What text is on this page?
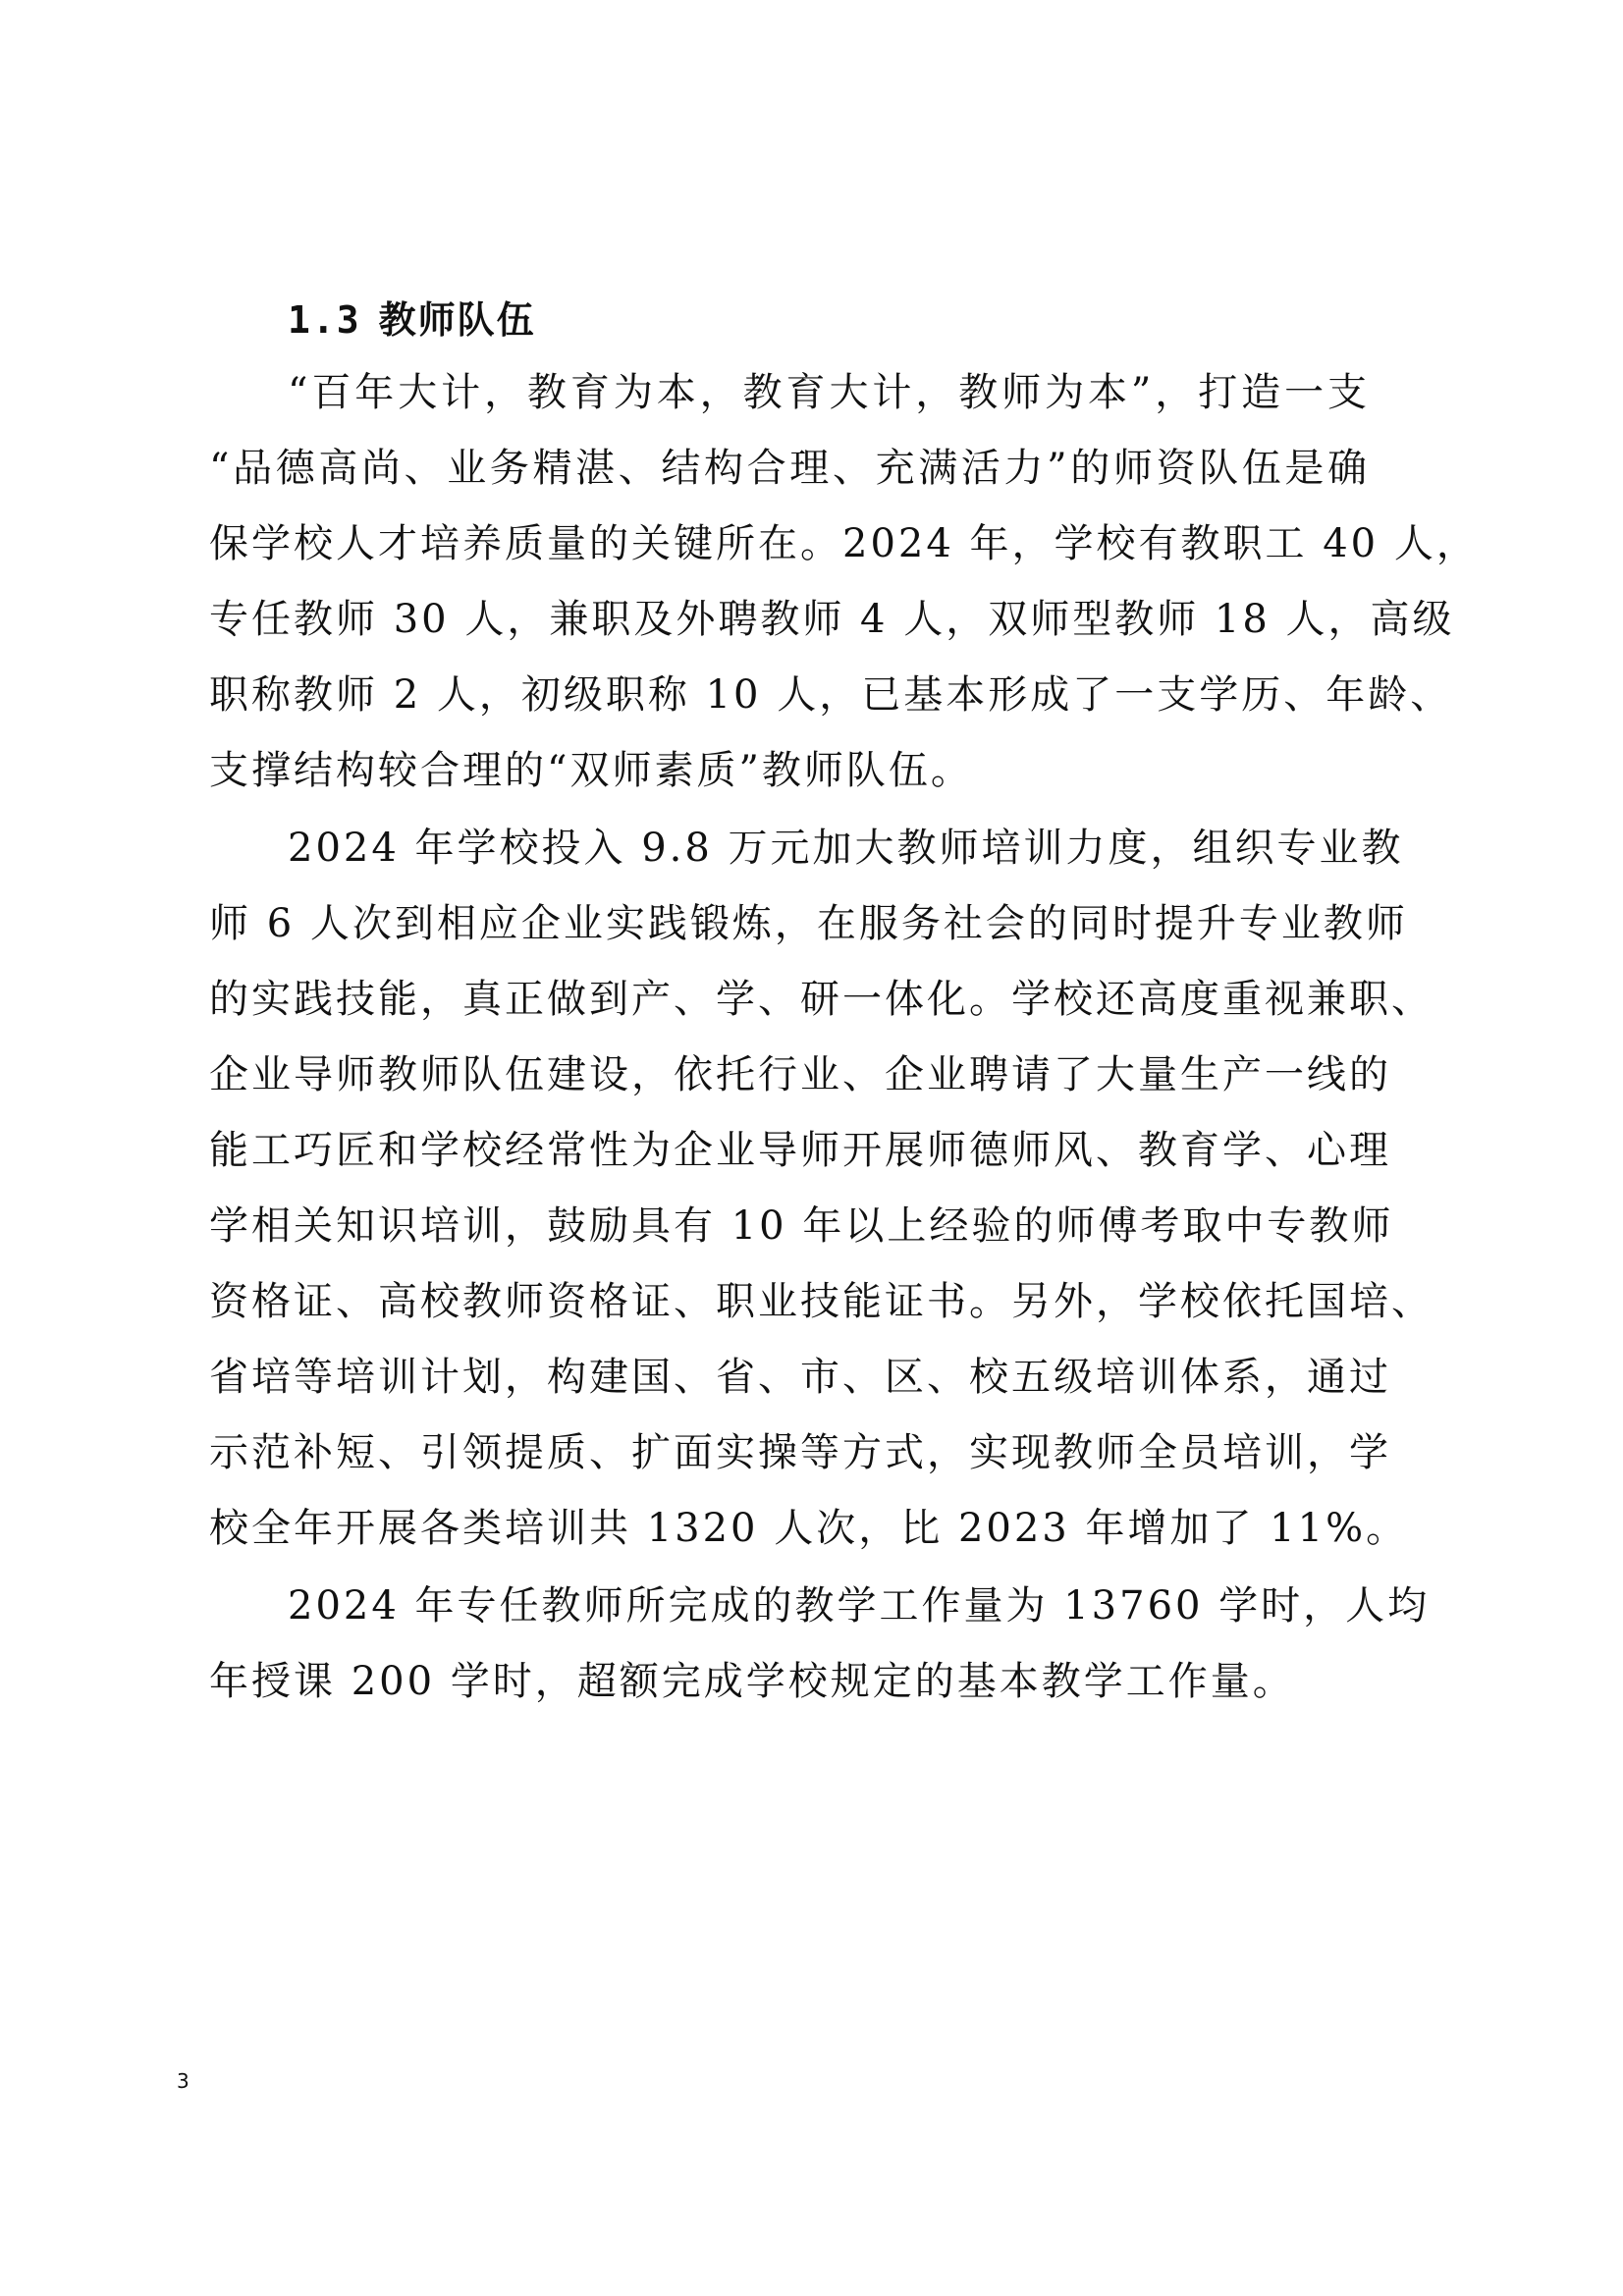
1.3 教师队伍
“百年大计，教育为本，教育大计，教师为本”，打造一支
“品德高尚、业务精湛、结构合理、充满活力”的师资队伍是确
保学校人才培养质量的关键所在。2024 年，学校有教职工 40 人，
专任教师 30 人，兼职及外聘教师 4 人，双师型教师 18 人，高级
职称教师 2 人，初级职称 10 人，已基本形成了一支学历、年龄、
支撑结构较合理的“双师素质”教师队伍。
2024 年学校投入 9.8 万元加大教师培训力度，组织专业教
师 6 人次到相应企业实践锻炼，在服务社会的同时提升专业教师
的实践技能，真正做到产、学、研一体化。学校还高度重视兼职、
企业导师教师队伍建设，依托行业、企业聘请了大量生产一线的
能工巧匠和学校经常性为企业导师开展师德师风、教育学、心理
学相关知识培训，鼓励具有 10 年以上经验的师傅考取中专教师
资格证、高校教师资格证、职业技能证书。另外，学校依托国培、
省培等培训计划，构建国、省、市、区、校五级培训体系，通过
示范补短、引领提质、扩面实操等方式，实现教师全员培训，学
校全年开展各类培训共 1320 人次，比 2023 年增加了 11%。
2024 年专任教师所完成的教学工作量为 13760 学时，人均
年授课 200 学时，超额完成学校规定的基本教学工作量。
3
